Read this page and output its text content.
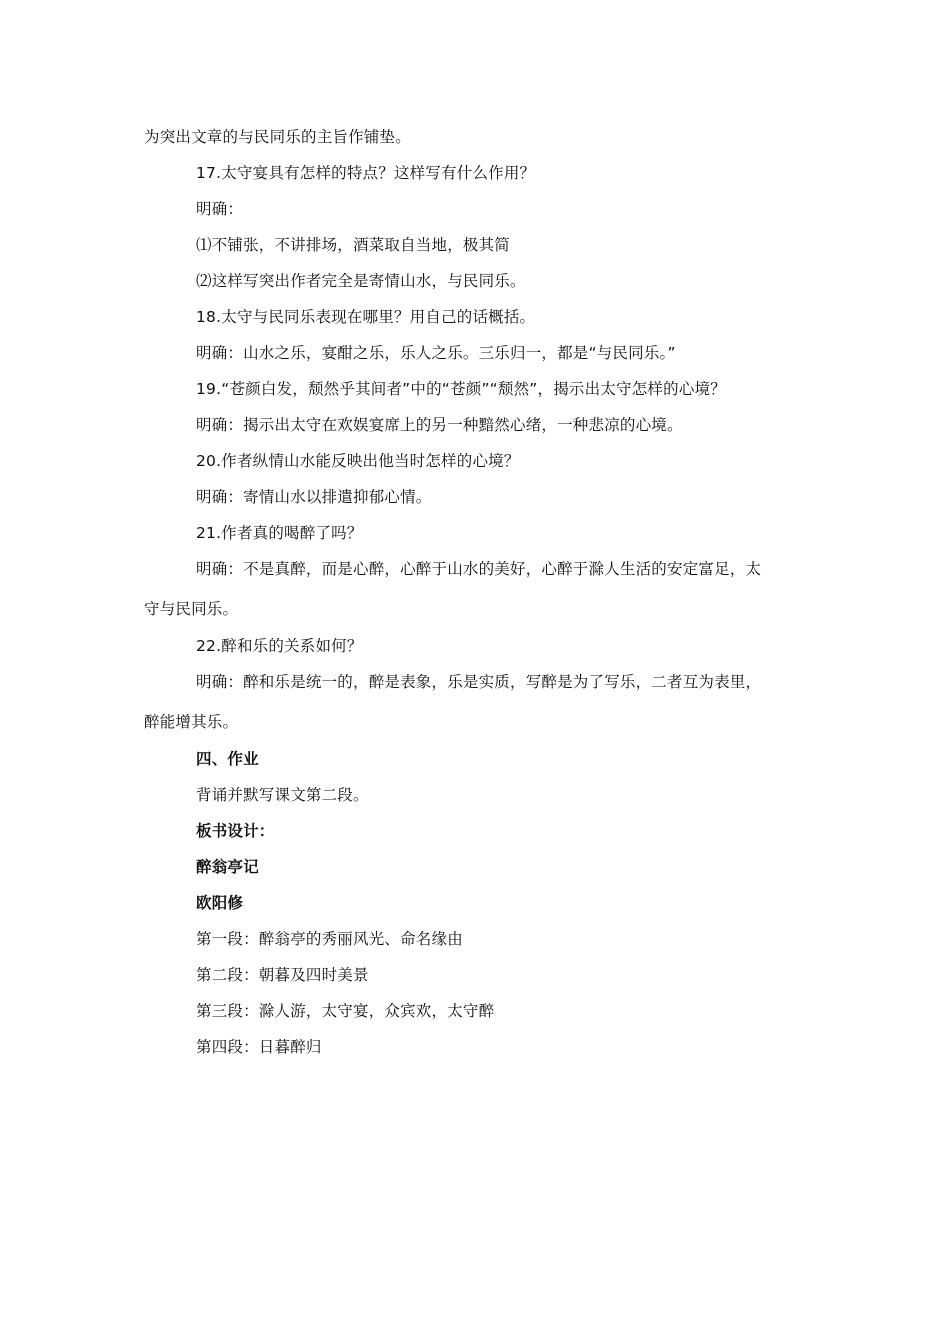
为突出文章的与民同乐的主旨作铺垫。
17.太守宴具有怎样的特点？这样写有什么作用？
明确：
⑴不铺张，不讲排场，酒菜取自当地，极其简
⑵这样写突出作者完全是寄情山水，与民同乐。
18.太守与民同乐表现在哪里？用自己的话概括。
明确：山水之乐，宴酣之乐，乐人之乐。三乐归一，都是“与民同乐。”
19.“苍颜白发，颓然乎其间者”中的“苍颜”“颓然”，揭示出太守怎样的心境？
明确：揭示出太守在欢娱宴席上的另一种黯然心绪，一种悲凉的心境。
20.作者纵情山水能反映出他当时怎样的心境？
明确：寄情山水以排遣抑郁心情。
21.作者真的喝醉了吗？
明确：不是真醉，而是心醉，心醉于山水的美好，心醉于滁人生活的安定富足，太
守与民同乐。
22.醉和乐的关系如何？
明确：醉和乐是统一的，醉是表象，乐是实质，写醉是为了写乐，二者互为表里，
醉能增其乐。
四、作业
背诵并默写课文第二段。
板书设计：
醉翁亭记
欧阳修
第一段：醉翁亭的秀丽风光、命名缘由
第二段：朝暮及四时美景
第三段：滁人游，太守宴，众宾欢，太守醉
第四段：日暮醉归
